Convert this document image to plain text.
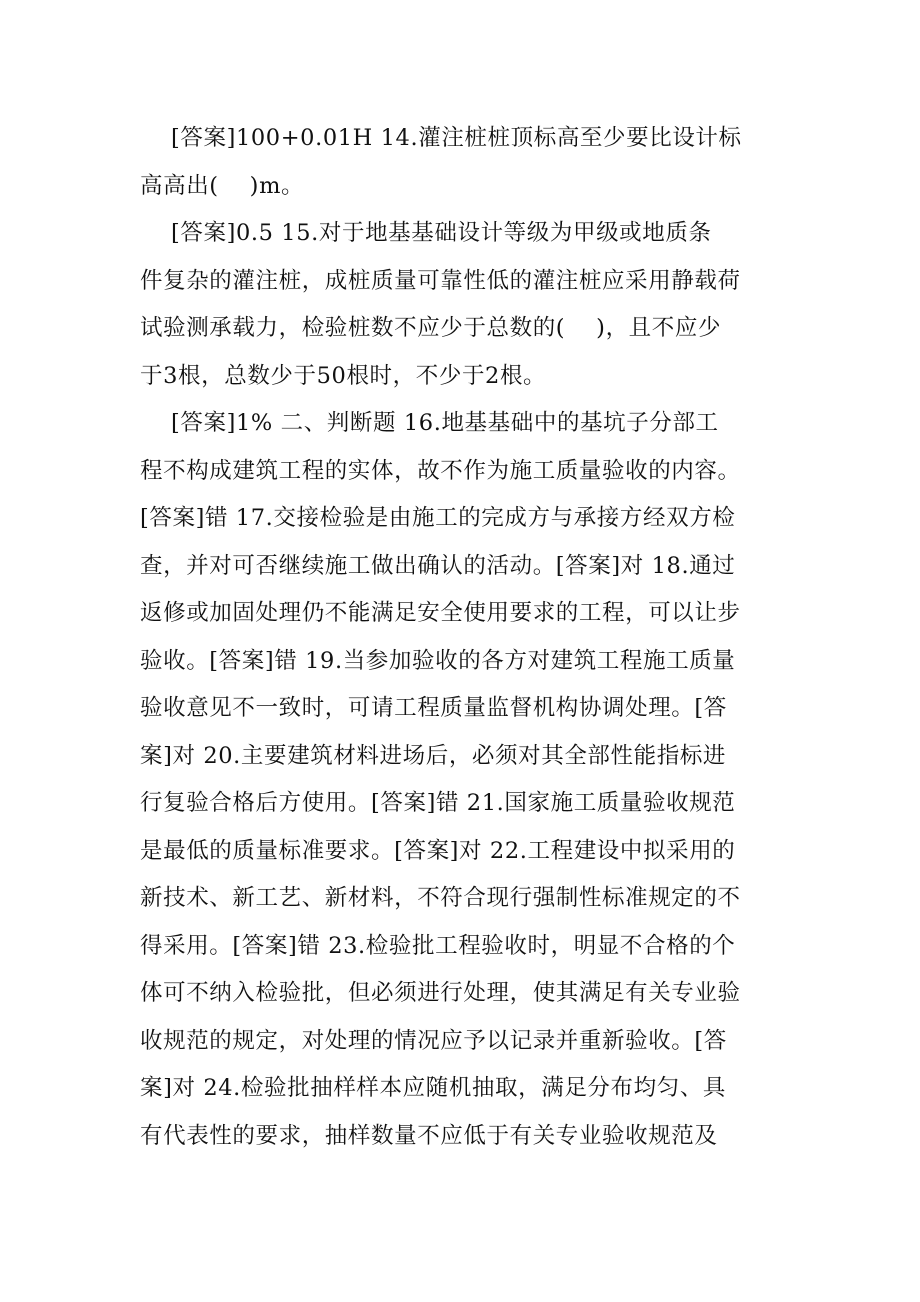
[答案]100+0.01H 14.灌注桩桩顶标高至少要比设计标
高高出(    )m。
[答案]0.5 15.对于地基基础设计等级为甲级或地质条
件复杂的灌注桩，成桩质量可靠性低的灌注桩应采用静载荷
试验测承载力，检验桩数不应少于总数的(    )，且不应少
于3根，总数少于50根时，不少于2根。
[答案]1% 二、判断题 16.地基基础中的基坑子分部工
程不构成建筑工程的实体，故不作为施工质量验收的内容。
[答案]错 17.交接检验是由施工的完成方与承接方经双方检
查，并对可否继续施工做出确认的活动。[答案]对 18.通过
返修或加固处理仍不能满足安全使用要求的工程，可以让步
验收。[答案]错 19.当参加验收的各方对建筑工程施工质量
验收意见不一致时，可请工程质量监督机构协调处理。[答
案]对 20.主要建筑材料进场后，必须对其全部性能指标进
行复验合格后方使用。[答案]错 21.国家施工质量验收规范
是最低的质量标准要求。[答案]对 22.工程建设中拟采用的
新技术、新工艺、新材料，不符合现行强制性标准规定的不
得采用。[答案]错 23.检验批工程验收时，明显不合格的个
体可不纳入检验批，但必须进行处理，使其满足有关专业验
收规范的规定，对处理的情况应予以记录并重新验收。[答
案]对 24.检验批抽样样本应随机抽取，满足分布均匀、具
有代表性的要求，抽样数量不应低于有关专业验收规范及
